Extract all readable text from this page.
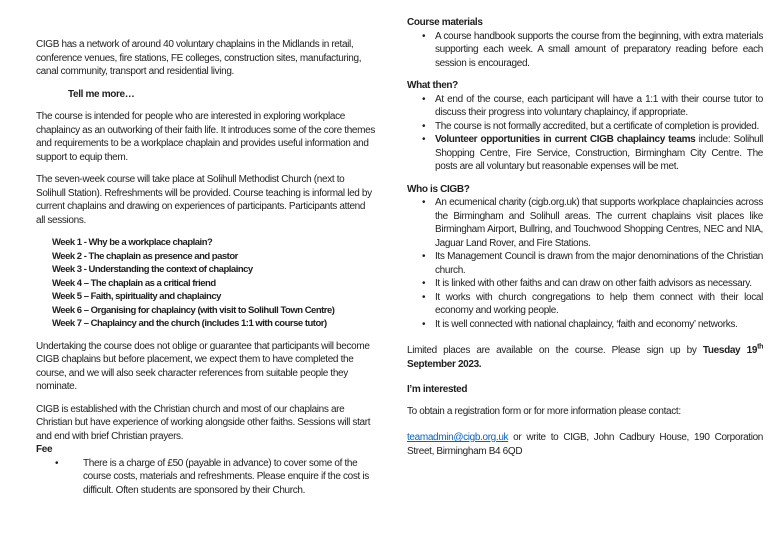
CIGB has a network of around 40 voluntary chaplains in the Midlands in retail, conference venues, fire stations, FE colleges, construction sites, manufacturing, canal community, transport and residential living.

Tell me more…

The course is intended for people who are interested in exploring workplace chaplaincy as an outworking of their faith life. It introduces some of the core themes and requirements to be a workplace chaplain and provides useful information and support to equip them.

The seven-week course will take place at Solihull Methodist Church (next to Solihull Station). Refreshments will be provided. Course teaching is informal led by current chaplains and drawing on experiences of participants. Participants attend all sessions.

Week 1 - Why be a workplace chaplain?

Week 2 - The chaplain as presence and pastor

Week 3 - Understanding the context of chaplaincy

Week 4 – The chaplain as a critical friend

Week 5 – Faith, spirituality and chaplaincy

Week 6 – Organising for chaplaincy (with visit to Solihull Town Centre)

Week 7 – Chaplaincy and the church (includes 1:1 with course tutor)

Undertaking the course does not oblige or guarantee that participants will become CIGB chaplains but before placement, we expect them to have completed the course, and we will also seek character references from suitable people they nominate.

CIGB is established with the Christian church and most of our chaplains are Christian but have experience of working alongside other faiths. Sessions will start and end with brief Christian prayers.

Fee

•
There is a charge of £50 (payable in advance) to cover some of the course costs, materials and refreshments. Please enquire if the cost is difficult. Often students are sponsored by their Church.

Course materials

•
A course handbook supports the course from the beginning, with extra materials supporting each week. A small amount of preparatory reading before each session is encouraged.

What then?

•
At end of the course, each participant will have a 1:1 with their course tutor to discuss their progress into voluntary chaplaincy, if appropriate.
•
The course is not formally accredited, but a certificate of completion is provided.
•
Volunteer opportunities in current CIGB chaplaincy teams include: Solihull Shopping Centre, Fire Service, Construction, Birmingham City Centre. The posts are all voluntary but reasonable expenses will be met.

Who is CIGB?

•
An ecumenical charity (cigb.org.uk) that supports workplace chaplaincies across the Birmingham and Solihull areas. The current chaplains visit places like Birmingham Airport, Bullring, and Touchwood Shopping Centres, NEC and NIA, Jaguar Land Rover, and Fire Stations.
•
Its Management Council is drawn from the major denominations of the Christian church.
•
It is linked with other faiths and can draw on other faith advisors as necessary.
•
It works with church congregations to help them connect with their local economy and working people.
•
It is well connected with national chaplaincy, ‘faith and economy’ networks.

Limited places are available on the course. Please sign up by Tuesday 19th September 2023.

I’m interested

To obtain a registration form or for more information please contact:

teamadmin@cigb.org.uk or write to CIGB, John Cadbury House, 190 Corporation Street, Birmingham B4 6QD
